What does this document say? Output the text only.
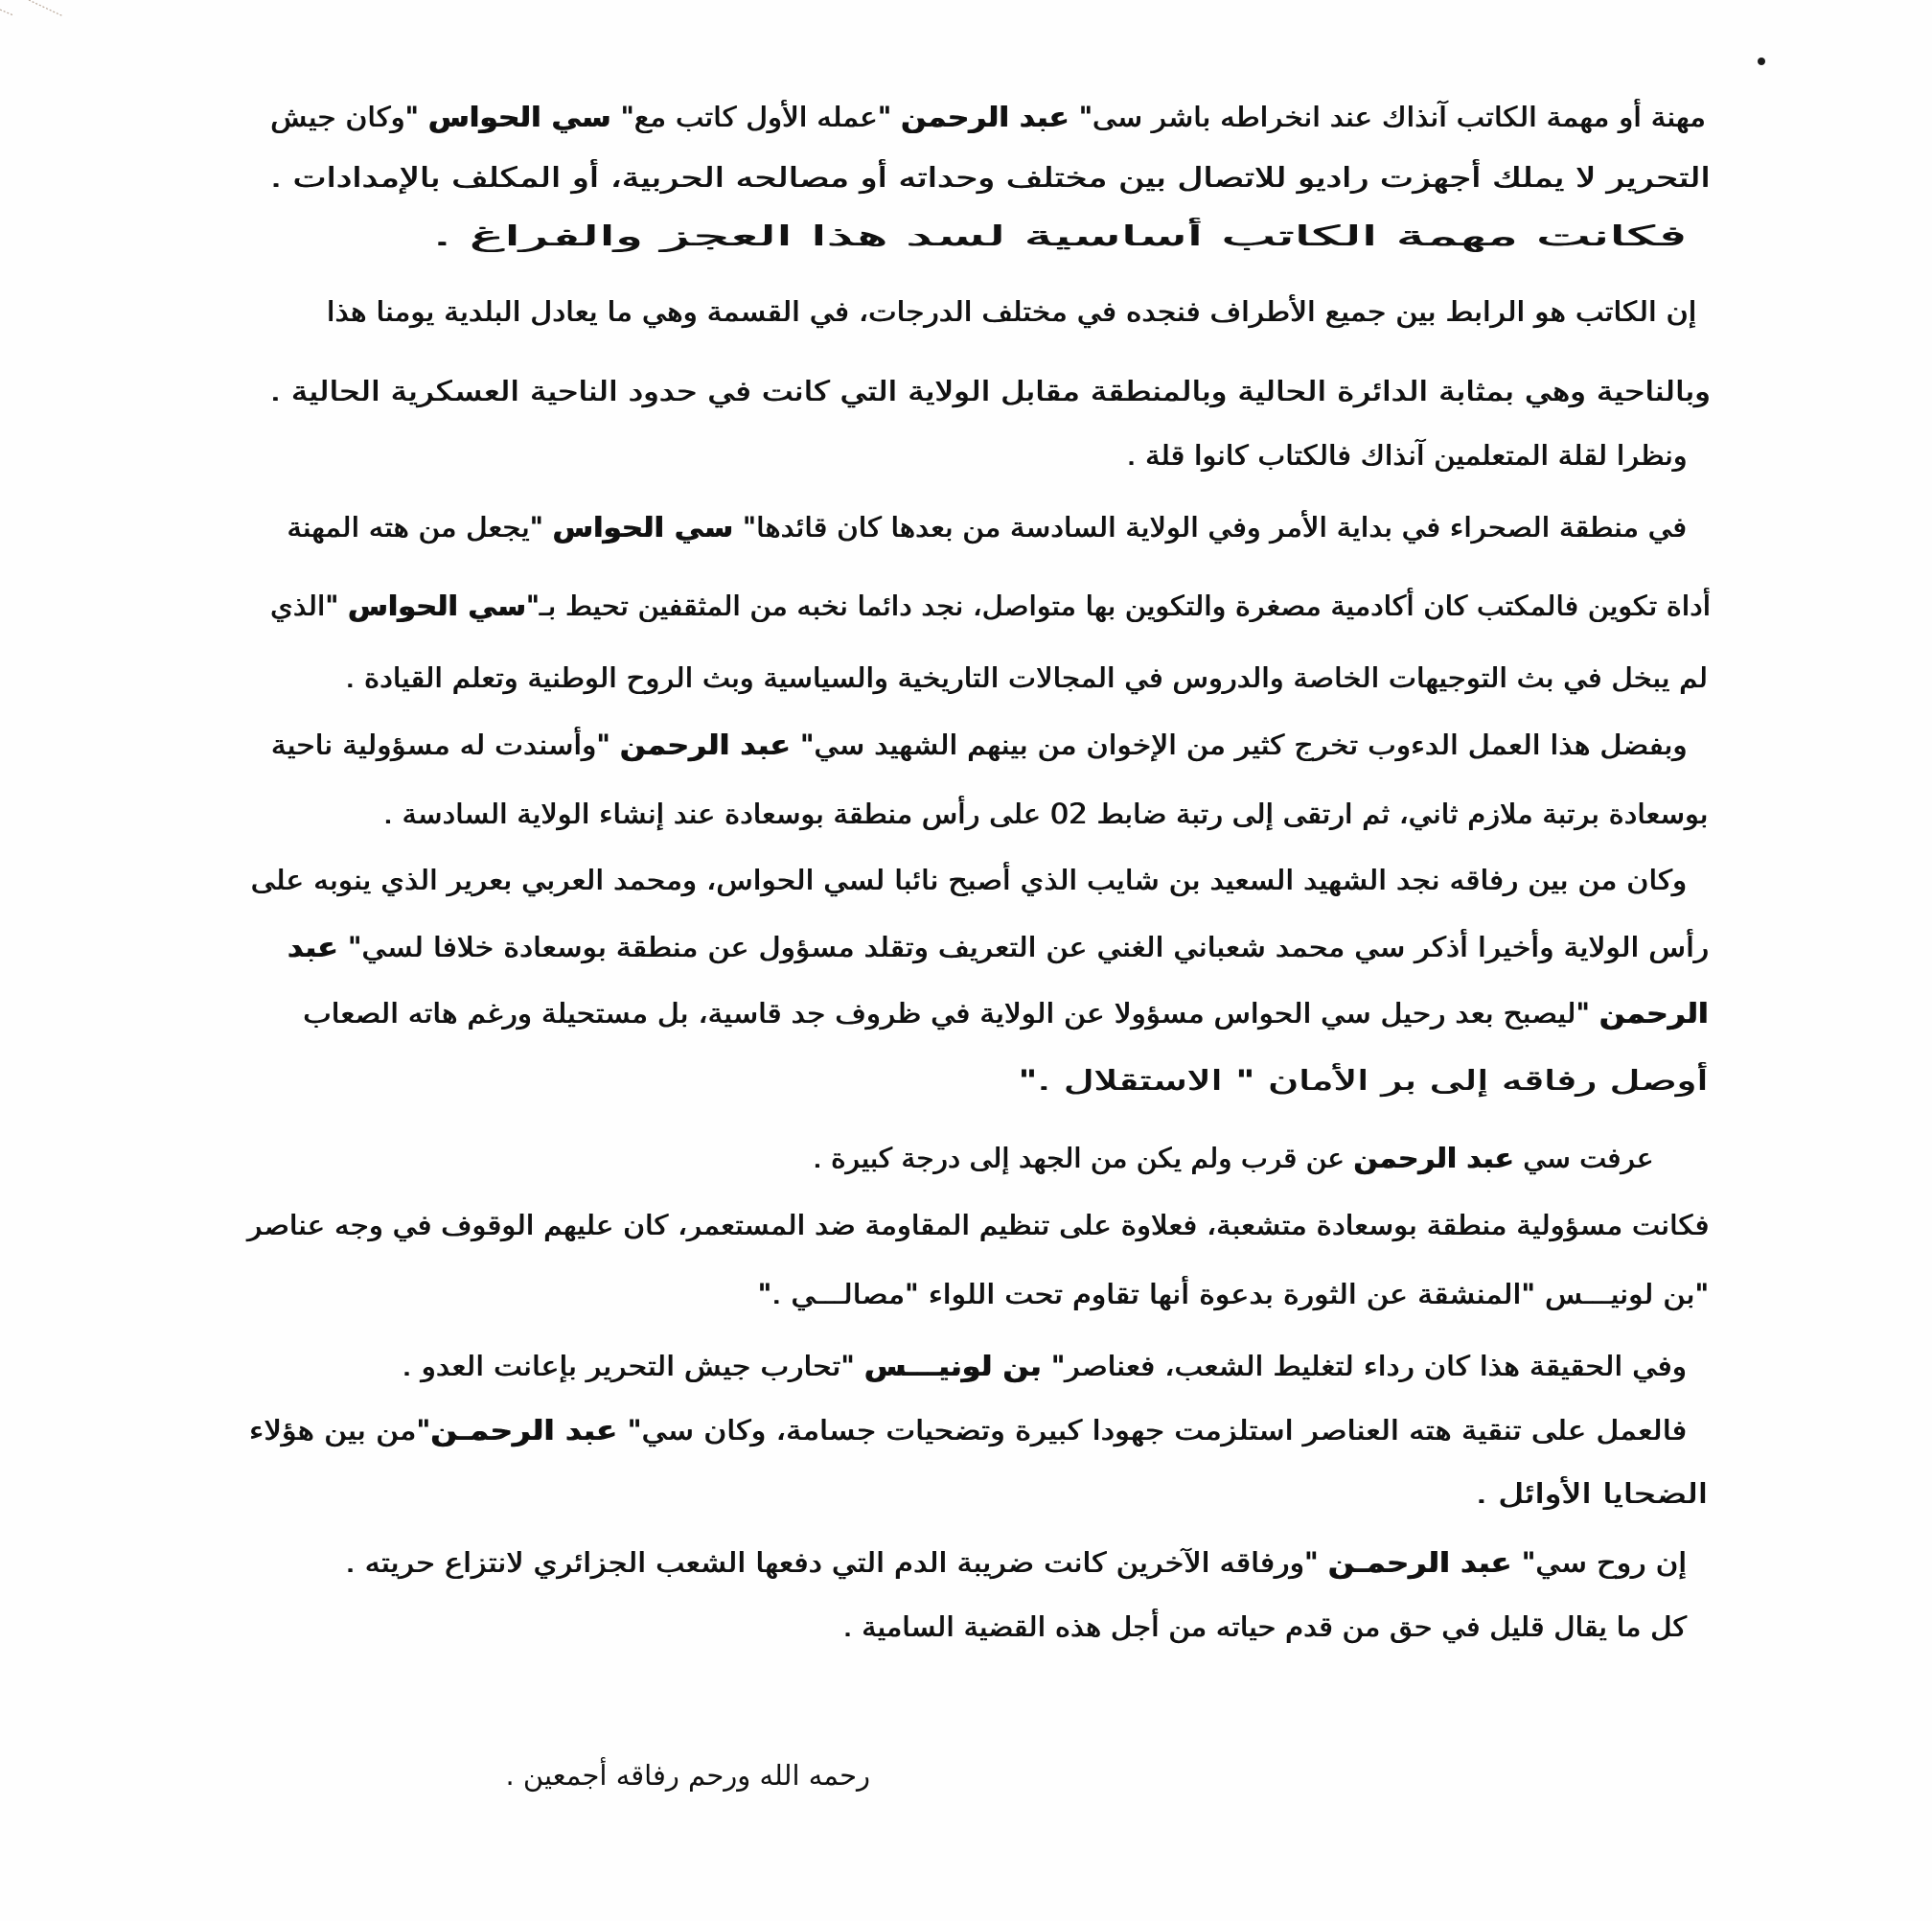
مهنة أو مهمة الكاتب آنذاك عند انخراطه باشر سى" عبد الرحمن "عمله الأول كاتب مع" سي الحواس "وكان جيش
التحرير لا يملك أجهزت راديو للاتصال بين مختلف وحداته أو مصالحه الحربية، أو المكلف بالإمدادات .
فكانت مهمة الكاتب أساسية لسد هذا العجز والفراغ .
إن الكاتب هو الرابط بين جميع الأطراف فنجده في مختلف الدرجات، في القسمة وهي ما يعادل البلدية يومنا هذا
وبالناحية وهي بمثابة الدائرة الحالية وبالمنطقة مقابل الولاية التي كانت في حدود الناحية العسكرية الحالية .
ونظرا لقلة المتعلمين آنذاك فالكتاب كانوا قلة .
في منطقة الصحراء في بداية الأمر وفي الولاية السادسة من بعدها كان قائدها" سي الحواس "يجعل من هته المهنة
أداة تكوين فالمكتب كان أكادمية مصغرة والتكوين بها متواصل، نجد دائما نخبه من المثقفين تحيط بـ"سي الحواس "الذي
لم يبخل في بث التوجيهات الخاصة والدروس في المجالات التاريخية والسياسية وبث الروح الوطنية وتعلم القيادة .
وبفضل هذا العمل الدءوب تخرج كثير من الإخوان من بينهم الشهيد سي" عبد الرحمن "وأسندت له مسؤولية ناحية
بوسعادة برتبة ملازم ثاني، ثم ارتقى إلى رتبة ضابط 02 على رأس منطقة بوسعادة عند إنشاء الولاية السادسة .
وكان من بين رفاقه نجد الشهيد السعيد بن شايب الذي أصبح نائبا لسي الحواس، ومحمد العربي بعرير الذي ينوبه على
رأس الولاية وأخيرا أذكر سي محمد شعباني الغني عن التعريف وتقلد مسؤول عن منطقة بوسعادة خلافا لسي" عبد
الرحمن "ليصبح بعد رحيل سي الحواس مسؤولا عن الولاية في ظروف جد قاسية، بل مستحيلة ورغم هاته الصعاب
أوصل رفاقه إلى بر الأمان " الاستقلال ."
عرفت سي عبد الرحمن عن قرب ولم يكن من الجهد إلى درجة كبيرة .
فكانت مسؤولية منطقة بوسعادة متشعبة، فعلاوة على تنظيم المقاومة ضد المستعمر، كان عليهم الوقوف في وجه عناصر
"بن لونيـــس "المنشقة عن الثورة بدعوة أنها تقاوم تحت اللواء "مصالـــي ."
وفي الحقيقة هذا كان رداء لتغليط الشعب، فعناصر" بن لونيـــس "تحارب جيش التحرير بإعانت العدو .
فالعمل على تنقية هته العناصر استلزمت جهودا كبيرة وتضحيات جسامة، وكان سي" عبد الرحمـن"من بين هؤلاء
الضحايا الأوائل .
إن روح سي" عبد الرحمـن "ورفاقه الآخرين كانت ضريبة الدم التي دفعها الشعب الجزائري لانتزاع حريته .
كل ما يقال قليل في حق من قدم حياته من أجل هذه القضية السامية .
رحمه الله ورحم رفاقه أجمعين .
